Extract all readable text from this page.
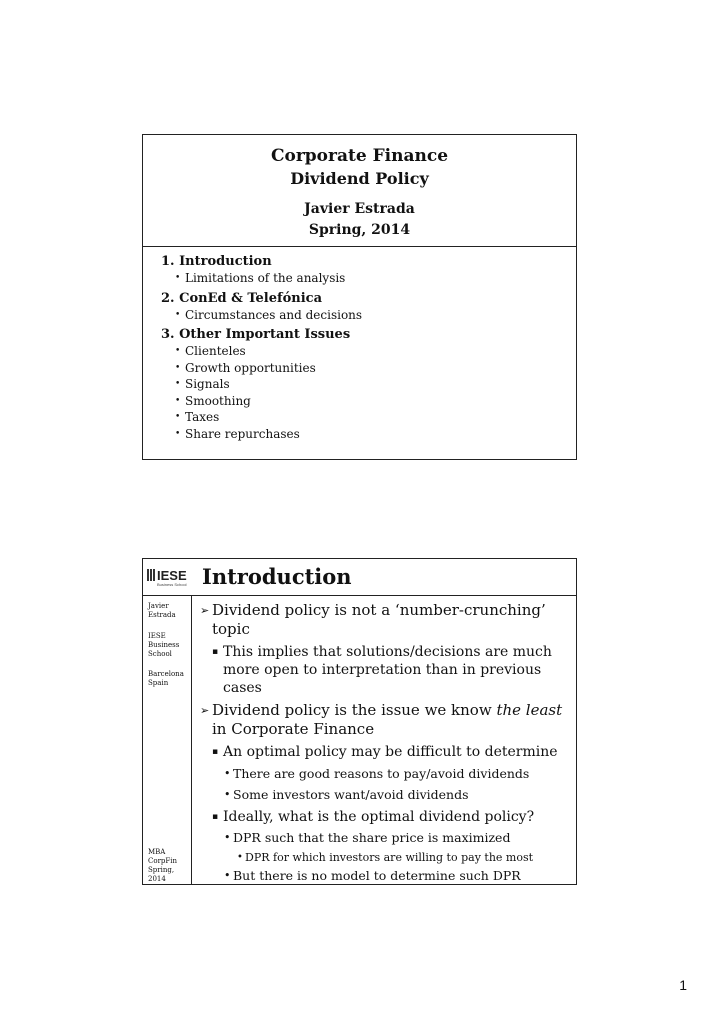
Corporate Finance
Dividend Policy
Javier Estrada
Spring, 2014
1. Introduction
• Limitations of the analysis
2. ConEd & Telefónica
• Circumstances and decisions
3. Other Important Issues
• Clienteles
• Growth opportunities
• Signals
• Smoothing
• Taxes
• Share repurchases
IESE
Business School Introduction
Javier
Estrada
IESE
Business
School
Barcelona
Spain
MBA
CorpFin
Spring, 2014
➢ Dividend policy is not a ‘number-crunching’ topic
▪ This implies that solutions/decisions are much more open to interpretation than in previous cases
➢ Dividend policy is the issue we know the least in Corporate Finance
▪ An optimal policy may be difficult to determine
• There are good reasons to pay/avoid dividends
• Some investors want/avoid dividends
▪ Ideally, what is the optimal dividend policy?
• DPR such that the share price is maximized
• DPR for which investors are willing to pay the most
• But there is no model to determine such DPR
1
